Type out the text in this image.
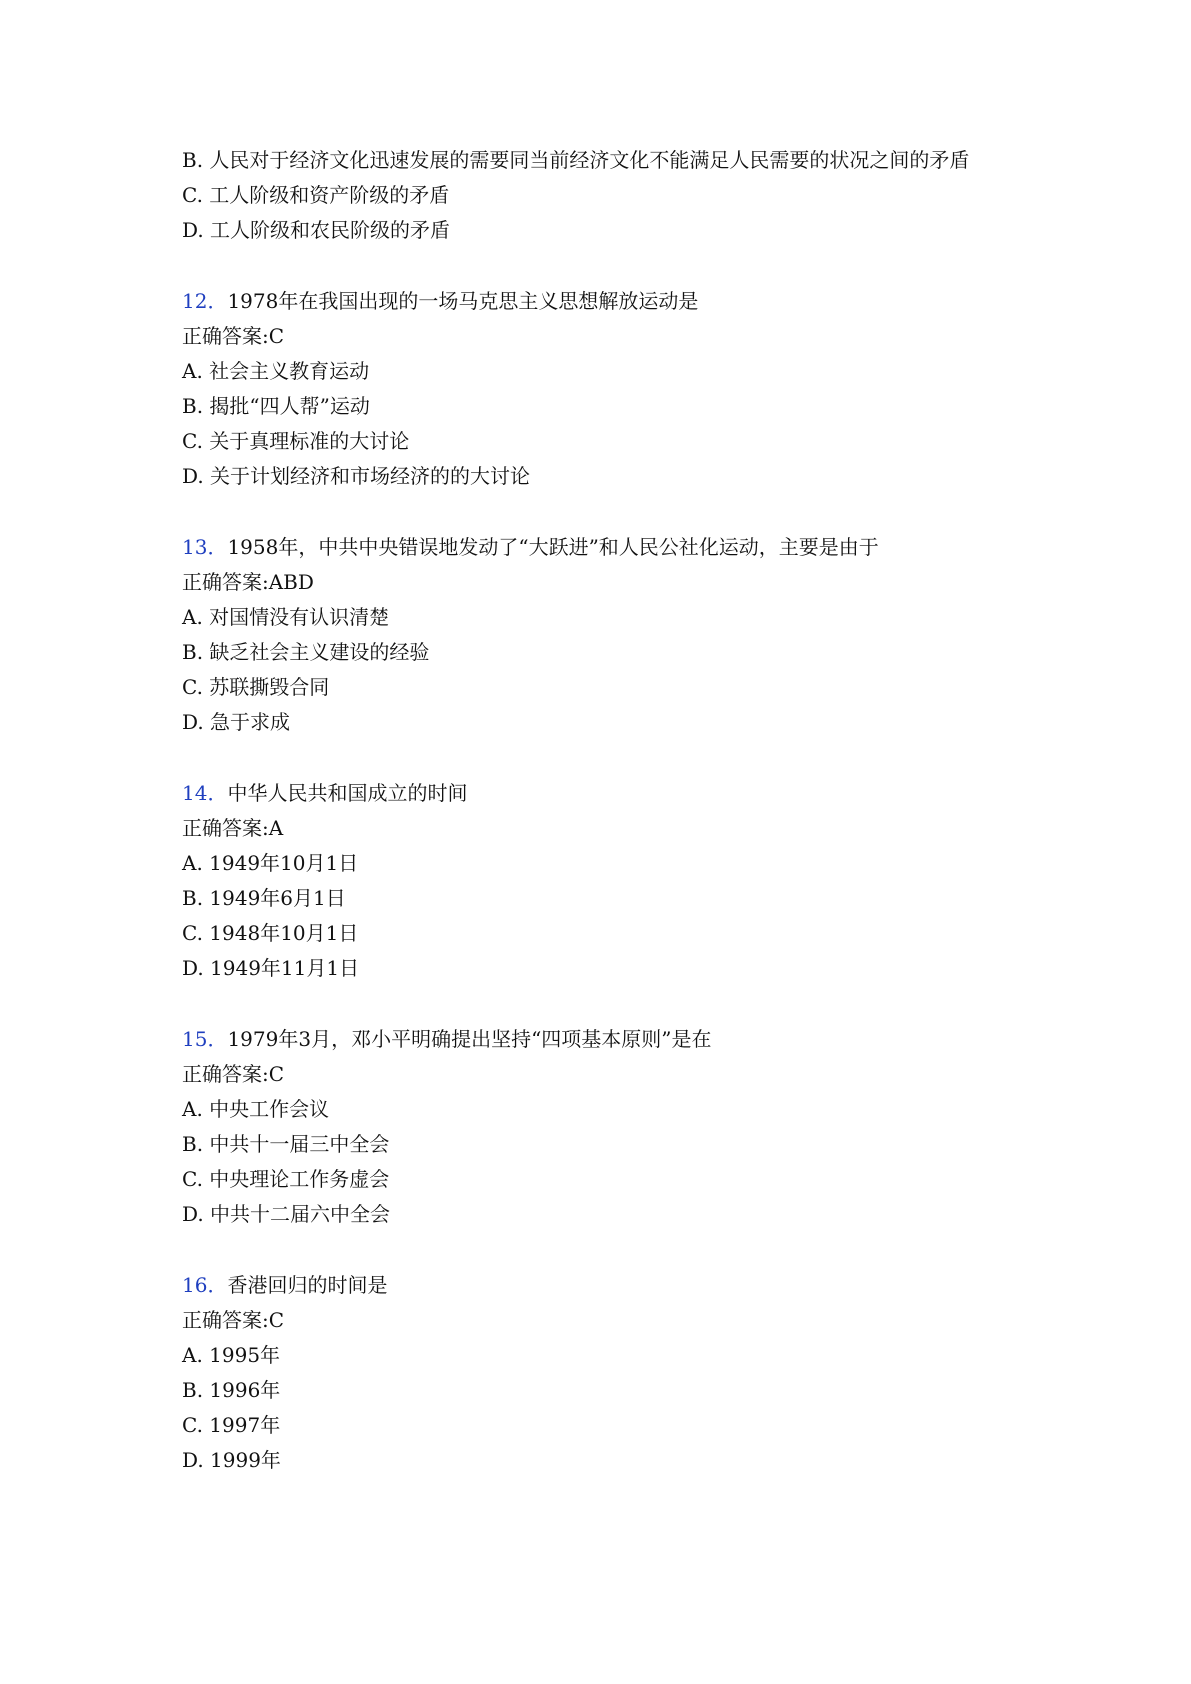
B. 人民对于经济文化迅速发展的需要同当前经济文化不能满足人民需要的状况之间的矛盾
C. 工人阶级和资产阶级的矛盾
D. 工人阶级和农民阶级的矛盾
12．1978年在我国出现的一场马克思主义思想解放运动是
正确答案:C
A. 社会主义教育运动
B. 揭批“四人帮”运动
C. 关于真理标准的大讨论
D. 关于计划经济和市场经济的的大讨论
13．1958年，中共中央错误地发动了“大跃进”和人民公社化运动，主要是由于
正确答案:ABD
A. 对国情没有认识清楚
B. 缺乏社会主义建设的经验
C. 苏联撕毁合同
D. 急于求成
14．中华人民共和国成立的时间
正确答案:A
A. 1949年10月1日
B. 1949年6月1日
C. 1948年10月1日
D. 1949年11月1日
15．1979年3月，邓小平明确提出坚持“四项基本原则”是在
正确答案:C
A. 中央工作会议
B. 中共十一届三中全会
C. 中央理论工作务虚会
D. 中共十二届六中全会
16．香港回归的时间是
正确答案:C
A. 1995年
B. 1996年
C. 1997年
D. 1999年
